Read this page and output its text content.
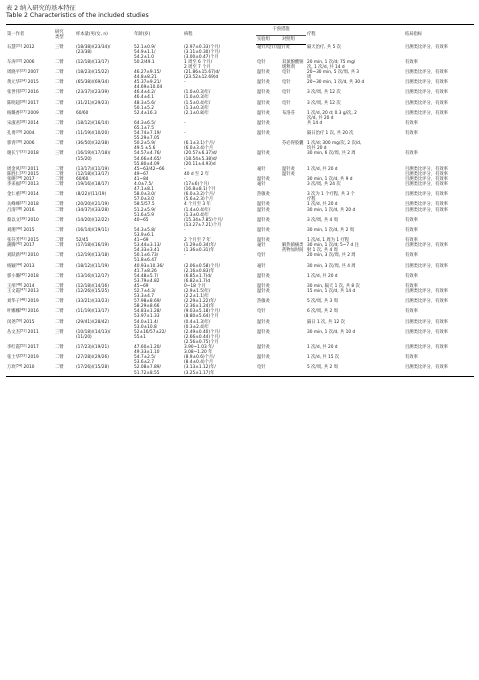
表 2 纳入研究的基本特征
Table 2 Characteristics of the included studies
第一作者	研究
类型	样本量(男/女, n)	年龄(岁)	病程	干预措施		疗程	结局指标
					实验组	对照组		
石慧[21] 2012	三臂	(18/38)/(23/34)/
(23/38)	52.1±0.9/
54.9±1.1/
54.2±1.0	(2.97±0.33)个月/
(3.11±0.30)个月/
(3.00±0.47)个月	毫针/电针/温针灸		隔天治疗, 共 5 次	目测类比评分、有效率
车涛[22] 2006	二臂	(12/18)/(13/17)	50.2/49.1	1 周至 6 个月/
2 周至 7 个月	电针	双氯酚酸钠
缓释剂	20 min, 1 次/d; 75 mg/
次, 1 次/d, 共 14 d	有效率
周晓平[23] 2007	二臂	(18/23)/(15/22)	46.27±9.15/
44.8±8.21	(21.86±15.67)d/
(23.52±12.69)d	温针灸	电针	20~30 min, 5 次/周, 共 3
周	目测类比评分、有效率
黄元华[24] 2015	二臂	(65/38)/(69/34)	45.37±9.21/
44.69±10.04	-	温针灸	电针	20~30 min, 1 次/d, 共 30 d	目测类比评分、有效率
张世伟[25] 2016	二臂	(23/37)/(23/39)	46.4±4.2/
46.4±4.1	(1.0±0.3)年/
(1.0±0.3)年	温针灸	电针	3 次/周, 共 12 次	目测类比评分、有效率
陈明超[26] 2017	二臂	(31/21)/(29/23)	48.3±5.6/
50.1±5.2	(1.5±0.4)年/
(1.3±0.3)年	温针灸	电针	3 次/周, 共 12 次	目测类比评分、有效率
杨璐香[27] 2009	二臂	60/60	52.4±16.3	(2.1±0.8)年	温针灸	布洛芬	1 次/d, 20 d; 0.3 g/次, 2
次/d, 共 20 d	目测类比评分、有效率
宋淑君[28] 2014	二臂	(18/12)/(16/14)	64.3±6.5/
65.1±7.5	-	温针灸		共 14 d	有效率
孔勇[29] 2004	二臂	(11/19)/(10/20)	54.74±7.19/
55.29±7.05	-	温针灸		隔日治疗 1 次, 共 20 次	有效率
郭青[30] 2006	二臂	(36/50)/(32/38)	50.2±5.9/
49.5 ±5.6	(6.1±3.1)个月/
(6.0±3.4)个月		芬必得胶囊	1 次/d; 300 mg/次, 2 次/d,
均共 20 d	
谢长宁[31] 2018	三臂	(16/19)/(17/18)/
(15/20)	54.57±4.76/
54.66±4.65/
55.80±4.09	(20.57±6.37)d/
(18.54±5.38)d/
(20.11±4.93)d	温针灸		30 min, 6 次/周, 共 2 周	有效率
周金风[32] 2011	二臂	(13/17)/(11/19)	45~63/42~66	-	毫针	温针灸	1 次/d, 共 20 d	目测类比评分、有效率
陈胜仁[33] 2015	二臂	(12/18)/(13/17)	49~67	40 d 至 2 年		温针灸		目测类比评分、有效率
张映[34] 2017	二臂	60/60	41~84	-	温针灸		30 min, 1 次/d, 共 9 d	目测类比评分、有效率
李来福[35] 2013	二臂	(19/16)/(18/17)	4.0±7.5/
47.1±8.1	(17±6)个月/
(16.8±8.1)个月	毫针		3 次/周, 共 24 次	目测类比评分、有效率
金仁重[36] 2014	二臂	(8/22)/(11/19)	58.0±3.0/
57.0±3.0	(6.0±3.2)个月/
(5.6±2.3)个月	热敏灸		3 次为 1 个疗程, 共 3 个
疗程	目测类比评分、有效率
关峰峰[37] 2018	二臂	(20/20)/(21/19)	58.5/57.5	4 个月至 3 年	温针灸		1 次/d, 共 20 d	目测类比评分、有效率
吕清[38] 2016	二臂	(34/37)/(33/28)	51.2±5.9/
51.6±5.9	(1.4±0.4)年/
(1.3±0.4)年	温针灸		30 min, 1 次/d, 共 20 d	目测类比评分、有效率
蔡以文[39] 2010	二臂	(14/20)/(12/22)	40~65	(15.34±7.85)个月/
(13.27±7.21)个月	温针灸		3 次/周, 共 4 周	有效率
刘朋[40] 2015	二臂	(16/14)/(19/11)	54.3±5.8/
53.9±6.1	-	温针灸		30 min, 1 次/d, 共 2 周	有效率
张芬芳[41] 2015	二臂	52/45	41~69	2 个月至 7 年	温针灸		1 次/d, 1 周为 1 疗程	有效率
蒲腾[42] 2017	二臂	(17/18)/(16/19)	53.44±3.13/
54.33±3.41	(1.29±0.34)年/
(1.36±0.31)年	毫针	解热镇痛类
药物加时间	30 min, 1 次/d; 5~7 d 注
射 1 次, 共 4 周	目测类比评分、有效率
刘跃新[43] 2010	二臂	(12/19)/(13/18)	50.1±6.73/
51.8±6.47	-	电针		20 min, 3 次/周, 共 2 周	有效率
杨颖[44] 2013	二臂	(18/12)/(11/19)	40.93±10.36/
41.7±8.26	(2.06±0.58)个月/
(2.16±0.83)年	毫针		30 min, 3 次/周, 共 4 周	目测类比评分、有效率
郭小璐[45] 2018	二臂	(13/16)/(12/17)	54.48±5.7/
53.79±4.82	(6.85±1.7)d/
(6.82±1.7)d	温针灸		1 次/d, 共 20 d	有效率
王彤[46] 2014	二臂	(12/18)/(14/16)	45~69	0~18 个月	温针灸		30 min, 隔天 1 次, 共 8 次	有效率
王文霞[47] 2013	二臂	(12/26)/(15/25)	52.7±4.3/
53.3±4.7	(2.9±1.5)年/
(2.2±1.1)年	温针灸		15 min, 1 次/d, 共 14 d	目测类比评分、有效率
刘华子[48] 2019	二臂	(33/21)/(33/23)	57.98±8.69/
58.29±8.66	(2.29±1.22)年/
(2.36±1.24)年	热敏灸		5 次/周, 共 3 周	目测类比评分、有效率
叶娜娜[49] 2016	二臂	(11/19)/(13/17)	54.83±1.28/
53.97±1.33	(9.03±5.18)个月/
(8.80±5.64)个月	电针		6 次/周, 共 2 周	有效率
闵尧[50] 2015	二臂	(29/41)/(28/42)	54.0±11.4/
53.0±10.8	(0.4±1.3)年/
(0.3±2.4)年	温针灸		隔日 1 次, 共 12 次	目测类比评分、有效率
丛文杰[51] 2011	三臂	(10/18)/(14/13)/
(11/20)	52±16/57±22/
55±1	(2.49±0.40)个月/
(2.66±0.44)个月/
(2.56±0.75)个月	温针灸		30 min, 1 次/d, 共 10 d	目测类比评分、有效率
李红霞[52] 2017	二臂	(17/23)/(19/21)	47.60±1.20/
49.33±1.10	3.90~1.03 年/
3.08~1.20 年	温针灸		1 次/d, 共 20 d	目测类比评分、有效率
张士华[53] 2019	二臂	(27/28)/(29/26)	54.7±2.5/
53.6±2.7	(8.9±0.6)个月/
(8.4±0.4)个月	温针灸		1 次/d, 共 15 次	有效率
万玫[54] 2010	二臂	(17/26)/(15/28)	52.08±7.89/
51.72±8.55	(3.13±1.12)年/
(3.25±1.17)年	电针		5 次/周, 共 2 周	目测类比评分、有效率
